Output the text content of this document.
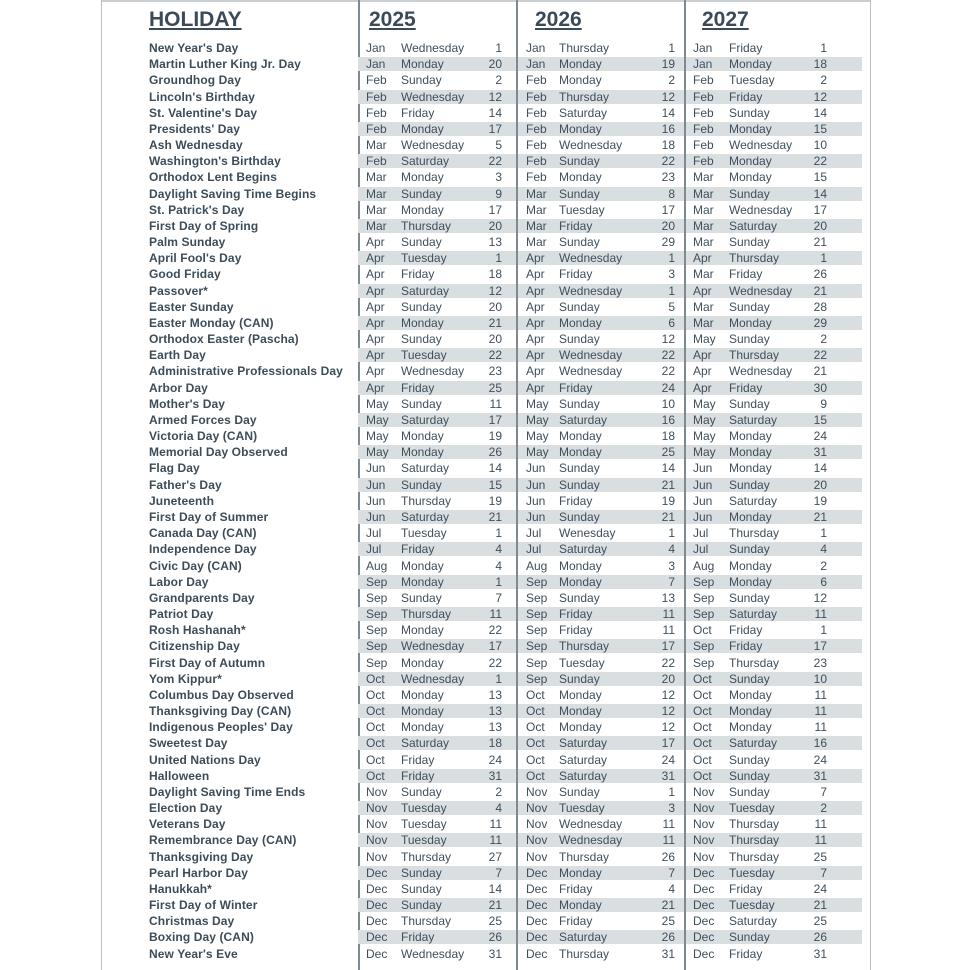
HOLIDAY	2025	2026	2027
New Year's Day	Jan Wednesday	1 Jan Thursday	1 Jan Friday	1
Martin Luther King Jr. Day	Jan Monday	20 Jan Monday	19 Jan Monday	18
Groundhog Day	Feb Sunday	2 Feb Monday	2 Feb Tuesday	2
Lincoln's Birthday	Feb Wednesday	12 Feb Thursday	12 Feb Friday	12
St. Valentine's Day	Feb Friday	14 Feb Saturday	14 Feb Sunday	14
Presidents' Day	Feb Monday	17 Feb Monday	16 Feb Monday	15
Ash Wednesday	Mar Wednesday	5 Feb Wednesday	18 Feb Wednesday	10
Washington's Birthday	Feb Saturday	22 Feb Sunday	22 Feb Monday	22
Orthodox Lent Begins	Mar Monday	3 Feb Monday	23 Mar Monday	15
Daylight Saving Time Begins	Mar Sunday	9 Mar Sunday	8 Mar Sunday	14
St. Patrick's Day	Mar Monday	17 Mar Tuesday	17 Mar Wednesday	17
First Day of Spring	Mar Thursday	20 Mar Friday	20 Mar Saturday	20
Palm Sunday	Apr Sunday	13 Mar Sunday	29 Mar Sunday	21
April Fool's Day	Apr Tuesday	1 Apr Wednesday	1 Apr Thursday	1
Good Friday	Apr Friday	18 Apr Friday	3 Mar Friday	26
Passover*	Apr Saturday	12 Apr Wednesday	1 Apr Wednesday	21
Easter Sunday	Apr Sunday	20 Apr Sunday	5 Mar Sunday	28
Easter Monday (CAN)	Apr Monday	21 Apr Monday	6 Mar Monday	29
Orthodox Easter (Pascha)	Apr Sunday	20 Apr Sunday	12 May Sunday	2
Earth Day	Apr Tuesday	22 Apr Wednesday	22 Apr Thursday	22
Administrative Professionals Day Apr Wednesday	23 Apr Wednesday	22 Apr Wednesday	21
Arbor Day	Apr Friday	25 Apr Friday	24 Apr Friday	30
Mother's Day	May Sunday	11 May Sunday	10 May Sunday	9
Armed Forces Day	May Saturday	17 May Saturday	16 May Saturday	15
Victoria Day (CAN)	May Monday	19 May Monday	18 May Monday	24
Memorial Day Observed	May Monday	26 May Monday	25 May Monday	31
Flag Day	Jun Saturday	14 Jun Sunday	14 Jun Monday	14
Father's Day	Jun Sunday	15 Jun Sunday	21 Jun Sunday	20
Juneteenth	Jun Thursday	19 Jun Friday	19 Jun Saturday	19
First Day of Summer	Jun Saturday	21 Jun Sunday	21 Jun Monday	21
Canada Day (CAN)	Jul Tuesday	1 Jul Wenesday	1 Jul Thursday	1
Independence Day	Jul Friday	4 Jul Saturday	4 Jul Sunday	4
Civic Day (CAN)	Aug Monday	4 Aug Monday	3 Aug Monday	2
Labor Day	Sep Monday	1 Sep Monday	7 Sep Monday	6
Grandparents Day	Sep Sunday	7 Sep Sunday	13 Sep Sunday	12
Patriot Day	Sep Thursday	11 Sep Friday	11 Sep Saturday	11
Rosh Hashanah*	Sep Monday	22 Sep Friday	11 Oct Friday	1
Citizenship Day	Sep Wednesday	17 Sep Thursday	17 Sep Friday	17
First Day of Autumn	Sep Monday	22 Sep Tuesday	22 Sep Thursday	23
Yom Kippur*	Oct Wednesday	1 Sep Sunday	20 Oct Sunday	10
Columbus Day Observed	Oct Monday	13 Oct Monday	12 Oct Monday	11
Thanksgiving Day (CAN)	Oct Monday	13 Oct Monday	12 Oct Monday	11
Indigenous Peoples' Day	Oct Monday	13 Oct Monday	12 Oct Monday	11
Sweetest Day	Oct Saturday	18 Oct Saturday	17 Oct Saturday	16
United Nations Day	Oct Friday	24 Oct Saturday	24 Oct Sunday	24
Halloween	Oct Friday	31 Oct Saturday	31 Oct Sunday	31
Daylight Saving Time Ends	Nov Sunday	2 Nov Sunday	1 Nov Sunday	7
Election Day	Nov Tuesday	4 Nov Tuesday	3 Nov Tuesday	2
Veterans Day	Nov Tuesday	11 Nov Wednesday	11 Nov Thursday	11
Remembrance Day (CAN)	Nov Tuesday	11 Nov Wednesday	11 Nov Thursday	11
Thanksgiving Day	Nov Thursday	27 Nov Thursday	26 Nov Thursday	25
Pearl Harbor Day	Dec Sunday	7 Dec Monday	7 Dec Tuesday	7
Hanukkah*	Dec Sunday	14 Dec Friday	4 Dec Friday	24
First Day of Winter	Dec Sunday	21 Dec Monday	21 Dec Tuesday	21
Christmas Day	Dec Thursday	25 Dec Friday	25 Dec Saturday	25
Boxing Day (CAN)	Dec Friday	26 Dec Saturday	26 Dec Sunday	26
New Year's Eve	Dec Wednesday	31 Dec Thursday	31 Dec Friday	31
